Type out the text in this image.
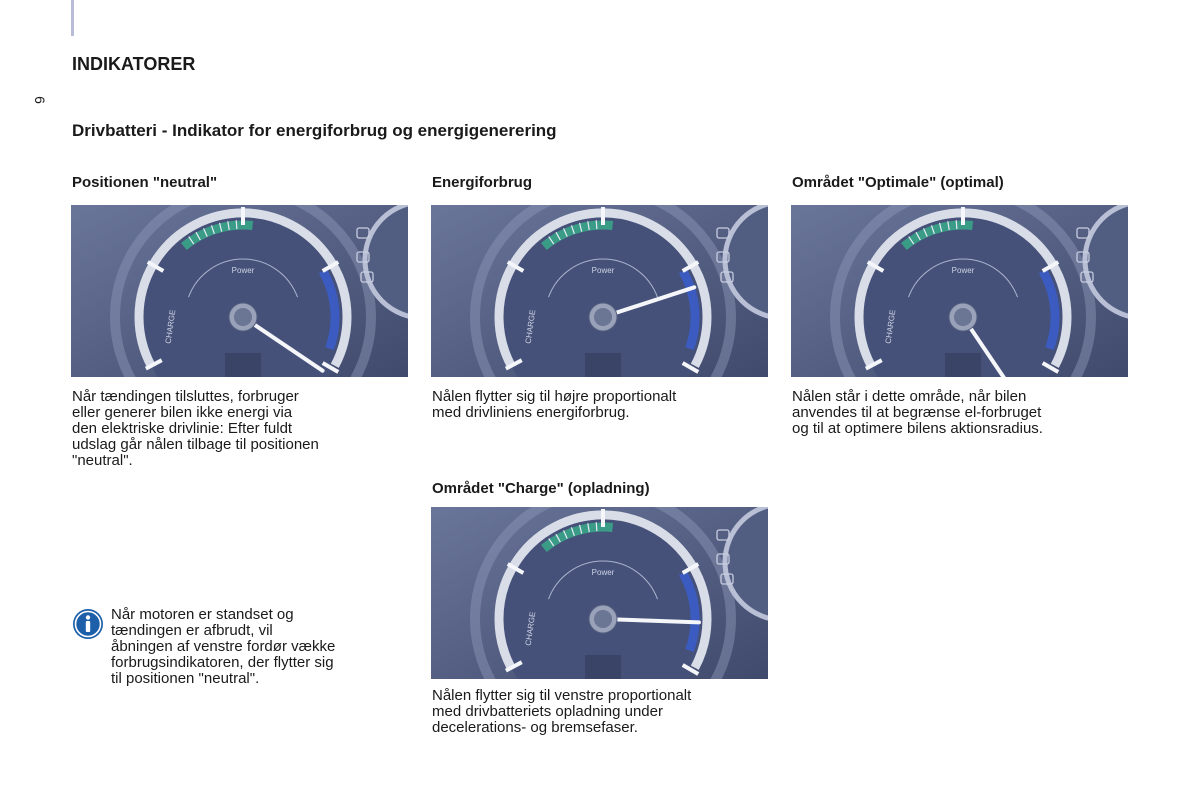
6
INDIKATORER
Drivbatteri - Indikator for energiforbrug og energigenerering
Positionen "neutral"	Energiforbrug	Området "Optimale" (optimal)
Området "Charge" (opladning)
Power
CHARGE
Power
CHARGE
Power
CHARGE
Power
CHARGE
Når tændingen tilsluttes, forbruger
eller generer bilen ikke energi via
den elektriske drivlinie: Efter fuldt
udslag går nålen tilbage til positionen
"neutral".
Nålen flytter sig til højre proportionalt
med drivliniens energiforbrug.
Nålen står i dette område, når bilen
anvendes til at begrænse el-forbruget
og til at optimere bilens aktionsradius.
Nålen flytter sig til venstre proportionalt
med drivbatteriets opladning under
decelerations- og bremsefaser.
Når motoren er standset og
tændingen er afbrudt, vil
åbningen af venstre fordør vække
forbrugsindikatoren, der flytter sig
til positionen "neutral".
